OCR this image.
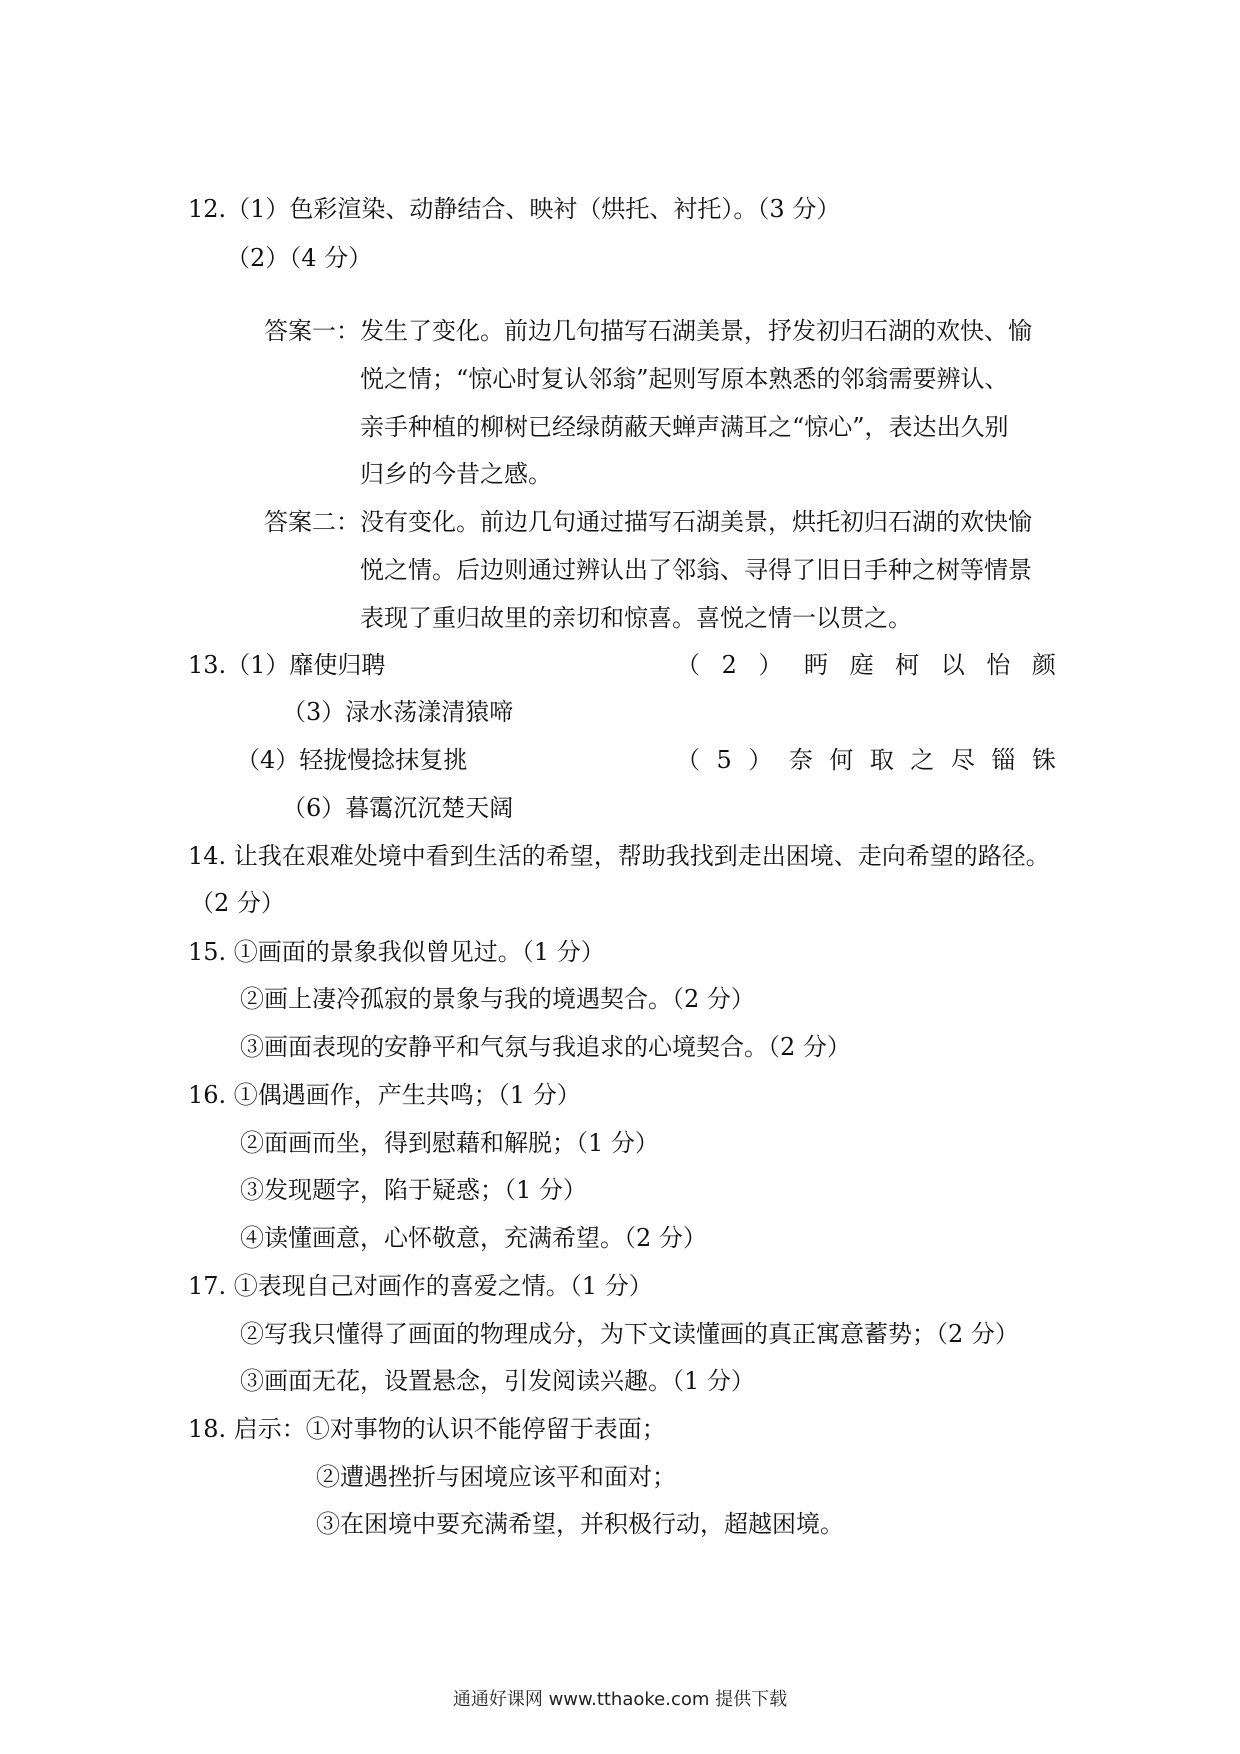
12.（1）色彩渲染、动静结合、映衬（烘托、衬托）。（3 分）
（2）（4 分）
答案一： 发生了变化。前边几句描写石湖美景，抒发初归石湖的欢快、愉
悦之情；“惊心时复认邻翁”起则写原本熟悉的邻翁需要辨认、
亲手种植的柳树已经绿荫蔽天蝉声满耳之“惊心”，表达出久别
归乡的今昔之感。
答案二： 没有变化。前边几句通过描写石湖美景，烘托初归石湖的欢快愉
悦之情。后边则通过辨认出了邻翁、寻得了旧日手种之树等情景
表现了重归故里的亲切和惊喜。喜悦之情一以贯之。
13.（1）靡使归聘	（ 2 ） 眄 庭 柯 以 怡 颜
（3）渌水荡漾清猿啼
（4）轻拢慢捻抹复挑	（ 5 ） 奈 何 取 之 尽 锱 铢
（6）暮霭沉沉楚天阔
14. 让我在艰难处境中看到生活的希望，帮助我找到走出困境、走向希望的路径。
（2 分）
15. ①画面的景象我似曾见过。（1 分）
②画上凄冷孤寂的景象与我的境遇契合。（2 分）
③画面表现的安静平和气氛与我追求的心境契合。（2 分）
16. ①偶遇画作，产生共鸣；（1 分）
②面画而坐，得到慰藉和解脱；（1 分）
③发现题字，陷于疑惑；（1 分）
④读懂画意，心怀敬意，充满希望。（2 分）
17. ①表现自己对画作的喜爱之情。（1 分）
②写我只懂得了画面的物理成分，为下文读懂画的真正寓意蓄势；（2 分）
③画面无花，设置悬念，引发阅读兴趣。（1 分）
18. 启示：①对事物的认识不能停留于表面；
②遭遇挫折与困境应该平和面对；
③在困境中要充满希望，并积极行动，超越困境。
通通好课网 www.tthaoke.com 提供下载
